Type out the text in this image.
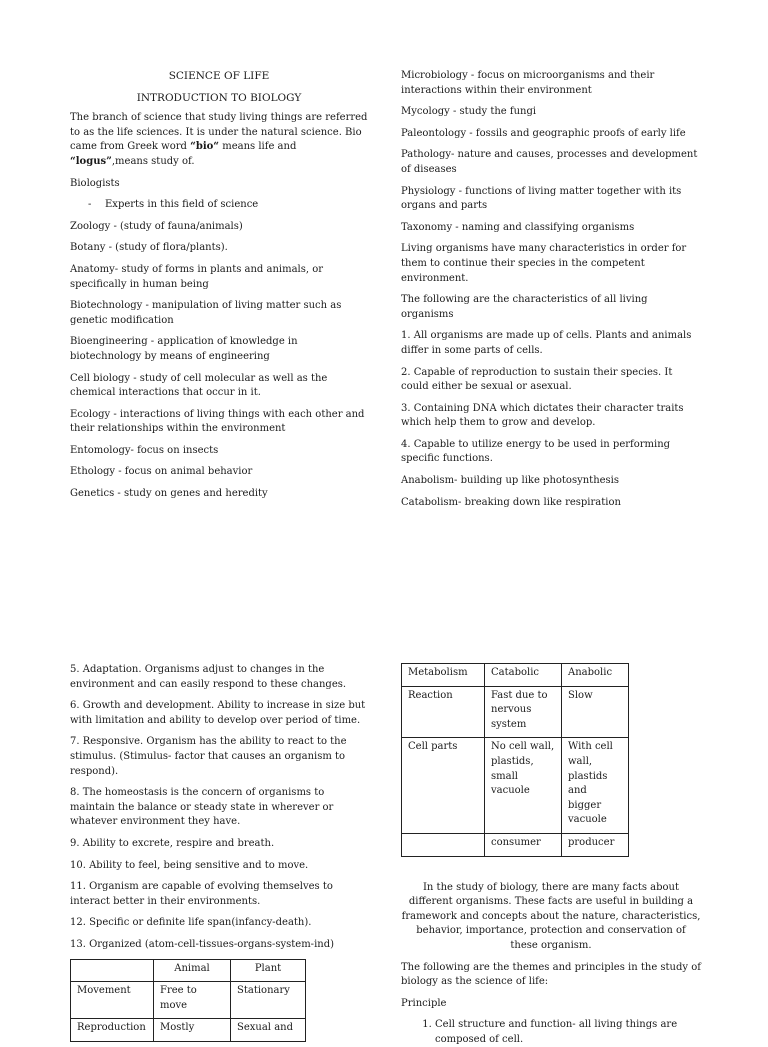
SCIENCE OF LIFE

INTRODUCTION TO BIOLOGY

The branch of science that study living things are referred to as the life sciences. It is under the natural science. Bio came from Greek word “bio“ means life and “logus”,means study of.

Biologists

- Experts in this field of science

Zoology - (study of fauna/animals)

Botany - (study of flora/plants).

Anatomy- study of forms in plants and animals, or specifically in human being

Biotechnology - manipulation of living matter such as genetic modification

Bioengineering - application of knowledge in biotechnology by means of engineering

Cell biology - study of cell molecular as well as the chemical interactions that occur in it.

Ecology - interactions of living things with each other and their relationships within the environment

Entomology- focus on insects

Ethology - focus on animal behavior

Genetics - study on genes and heredity

Microbiology - focus on microorganisms and their interactions within their environment

Mycology - study the fungi

Paleontology - fossils and geographic proofs of early life

Pathology- nature and causes, processes and development of diseases

Physiology - functions of living matter together with its organs and parts

Taxonomy - naming and classifying organisms

Living organisms have many characteristics in order for them to continue their species in the competent environment.

The following are the characteristics of all living organisms

1. All organisms are made up of cells. Plants and animals differ in some parts of cells.

2. Capable of reproduction to sustain their species. It could either be sexual or asexual.

3. Containing DNA which dictates their character traits which help them to grow and develop.

4. Capable to utilize energy to be used in performing specific functions.

Anabolism- building up like photosynthesis

Catabolism- breaking down like respiration

5. Adaptation. Organisms adjust to changes in the environment and can easily respond to these changes.

6. Growth and development. Ability to increase in size but with limitation and ability to develop over period of time.

7. Responsive. Organism has the ability to react to the stimulus. (Stimulus- factor that causes an organism to respond).

8. The homeostasis is the concern of organisms to maintain the balance or steady state in wherever or whatever environment they have.

9. Ability to excrete, respire and breath.

10. Ability to feel, being sensitive and to move.

11. Organism are capable of evolving themselves to interact better in their environments.

12. Specific or definite life span(infancy-death).

13. Organized (atom-cell-tissues-organs-system-ind)

	Animal	Plant
Movement	Free to move	Stationary
Reproduction	Mostly	Sexual and
Metabolism	Catabolic	Anabolic
Reaction	Fast due to nervous system	Slow
Cell parts	No cell wall, plastids, small vacuole	With cell wall, plastids and bigger vacuole
	consumer	producer

In the study of biology, there are many facts about different organisms. These facts are useful in building a framework and concepts about the nature, characteristics, behavior, importance, protection and conservation of these organism.

The following are the themes and principles in the study of biology as the science of life:

Principle

1. Cell structure and function- all living things are composed of cell.
